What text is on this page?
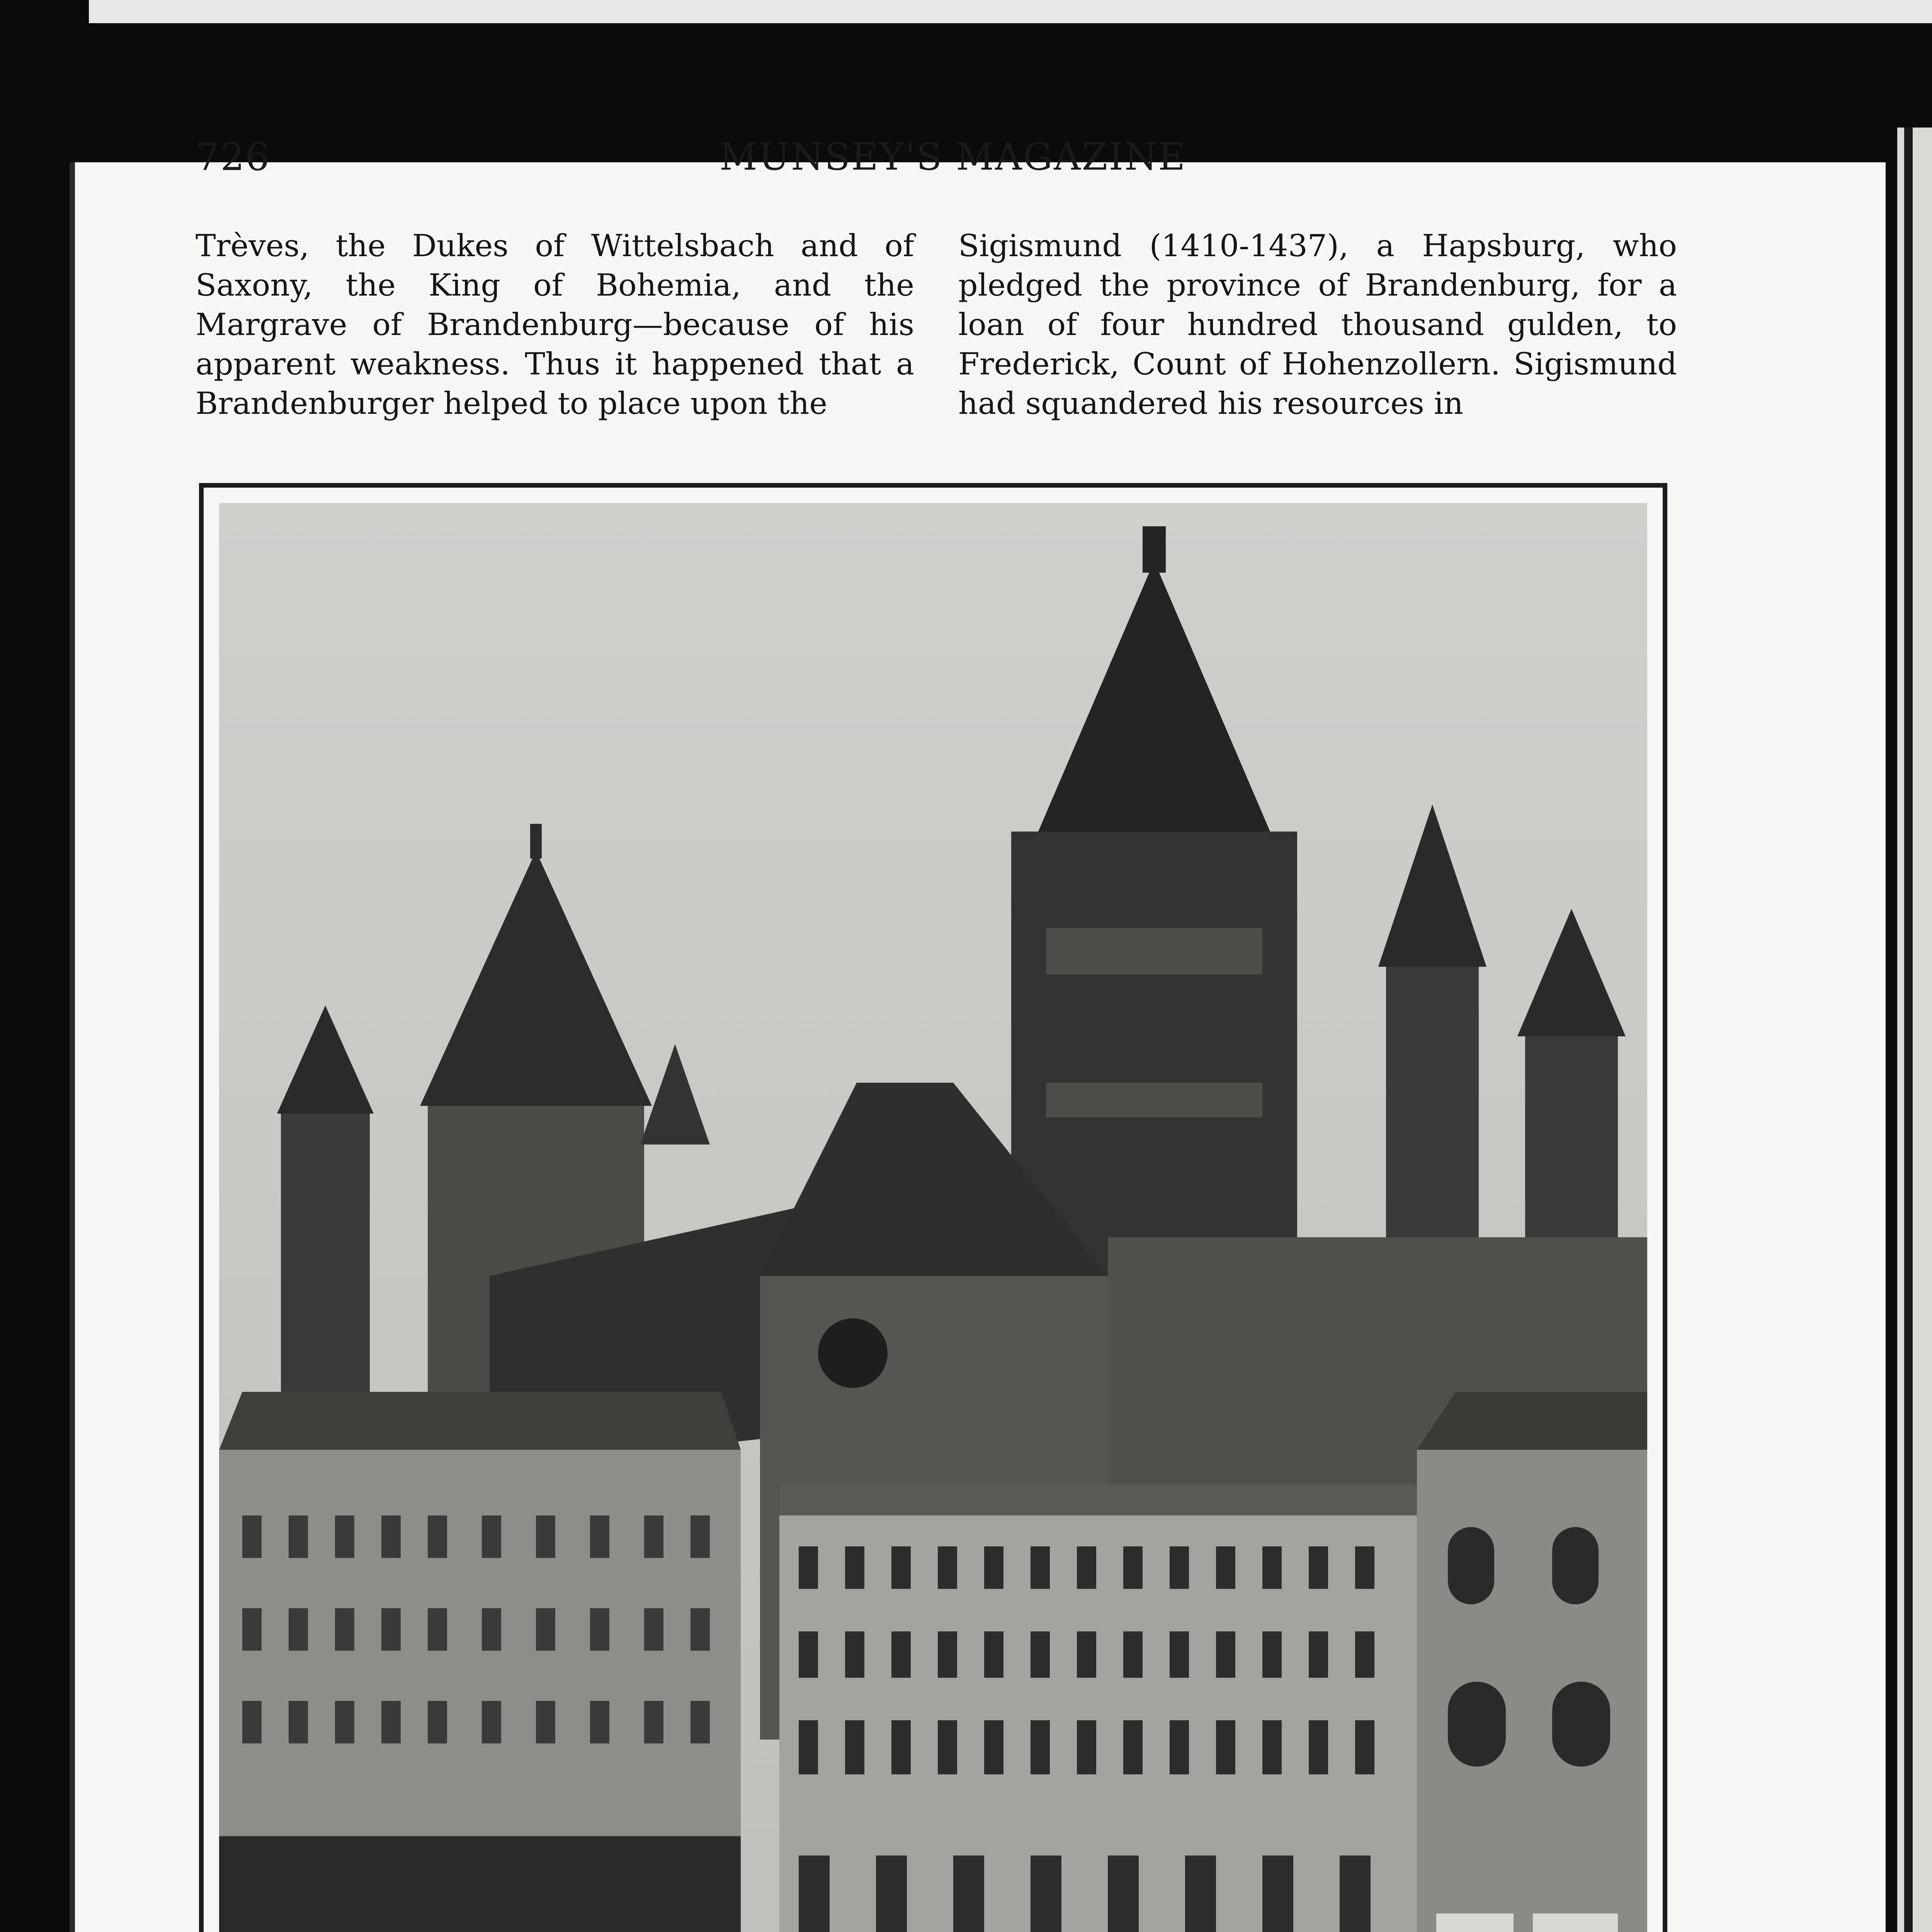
726	MUNSEY'S MAGAZINE

Trèves, the Dukes of Wittelsbach and of Saxony, the King of Bohemia, and the Margrave of Brandenburg—because of his apparent weakness. Thus it happened that a Brandenburger helped to place upon the

Sigismund (1410-1437), a Hapsburg, who pledged the province of Brandenburg, for a loan of four hundred thousand gulden, to Frederick, Count of Hohenzollern. Sigismund had squandered his resources in
